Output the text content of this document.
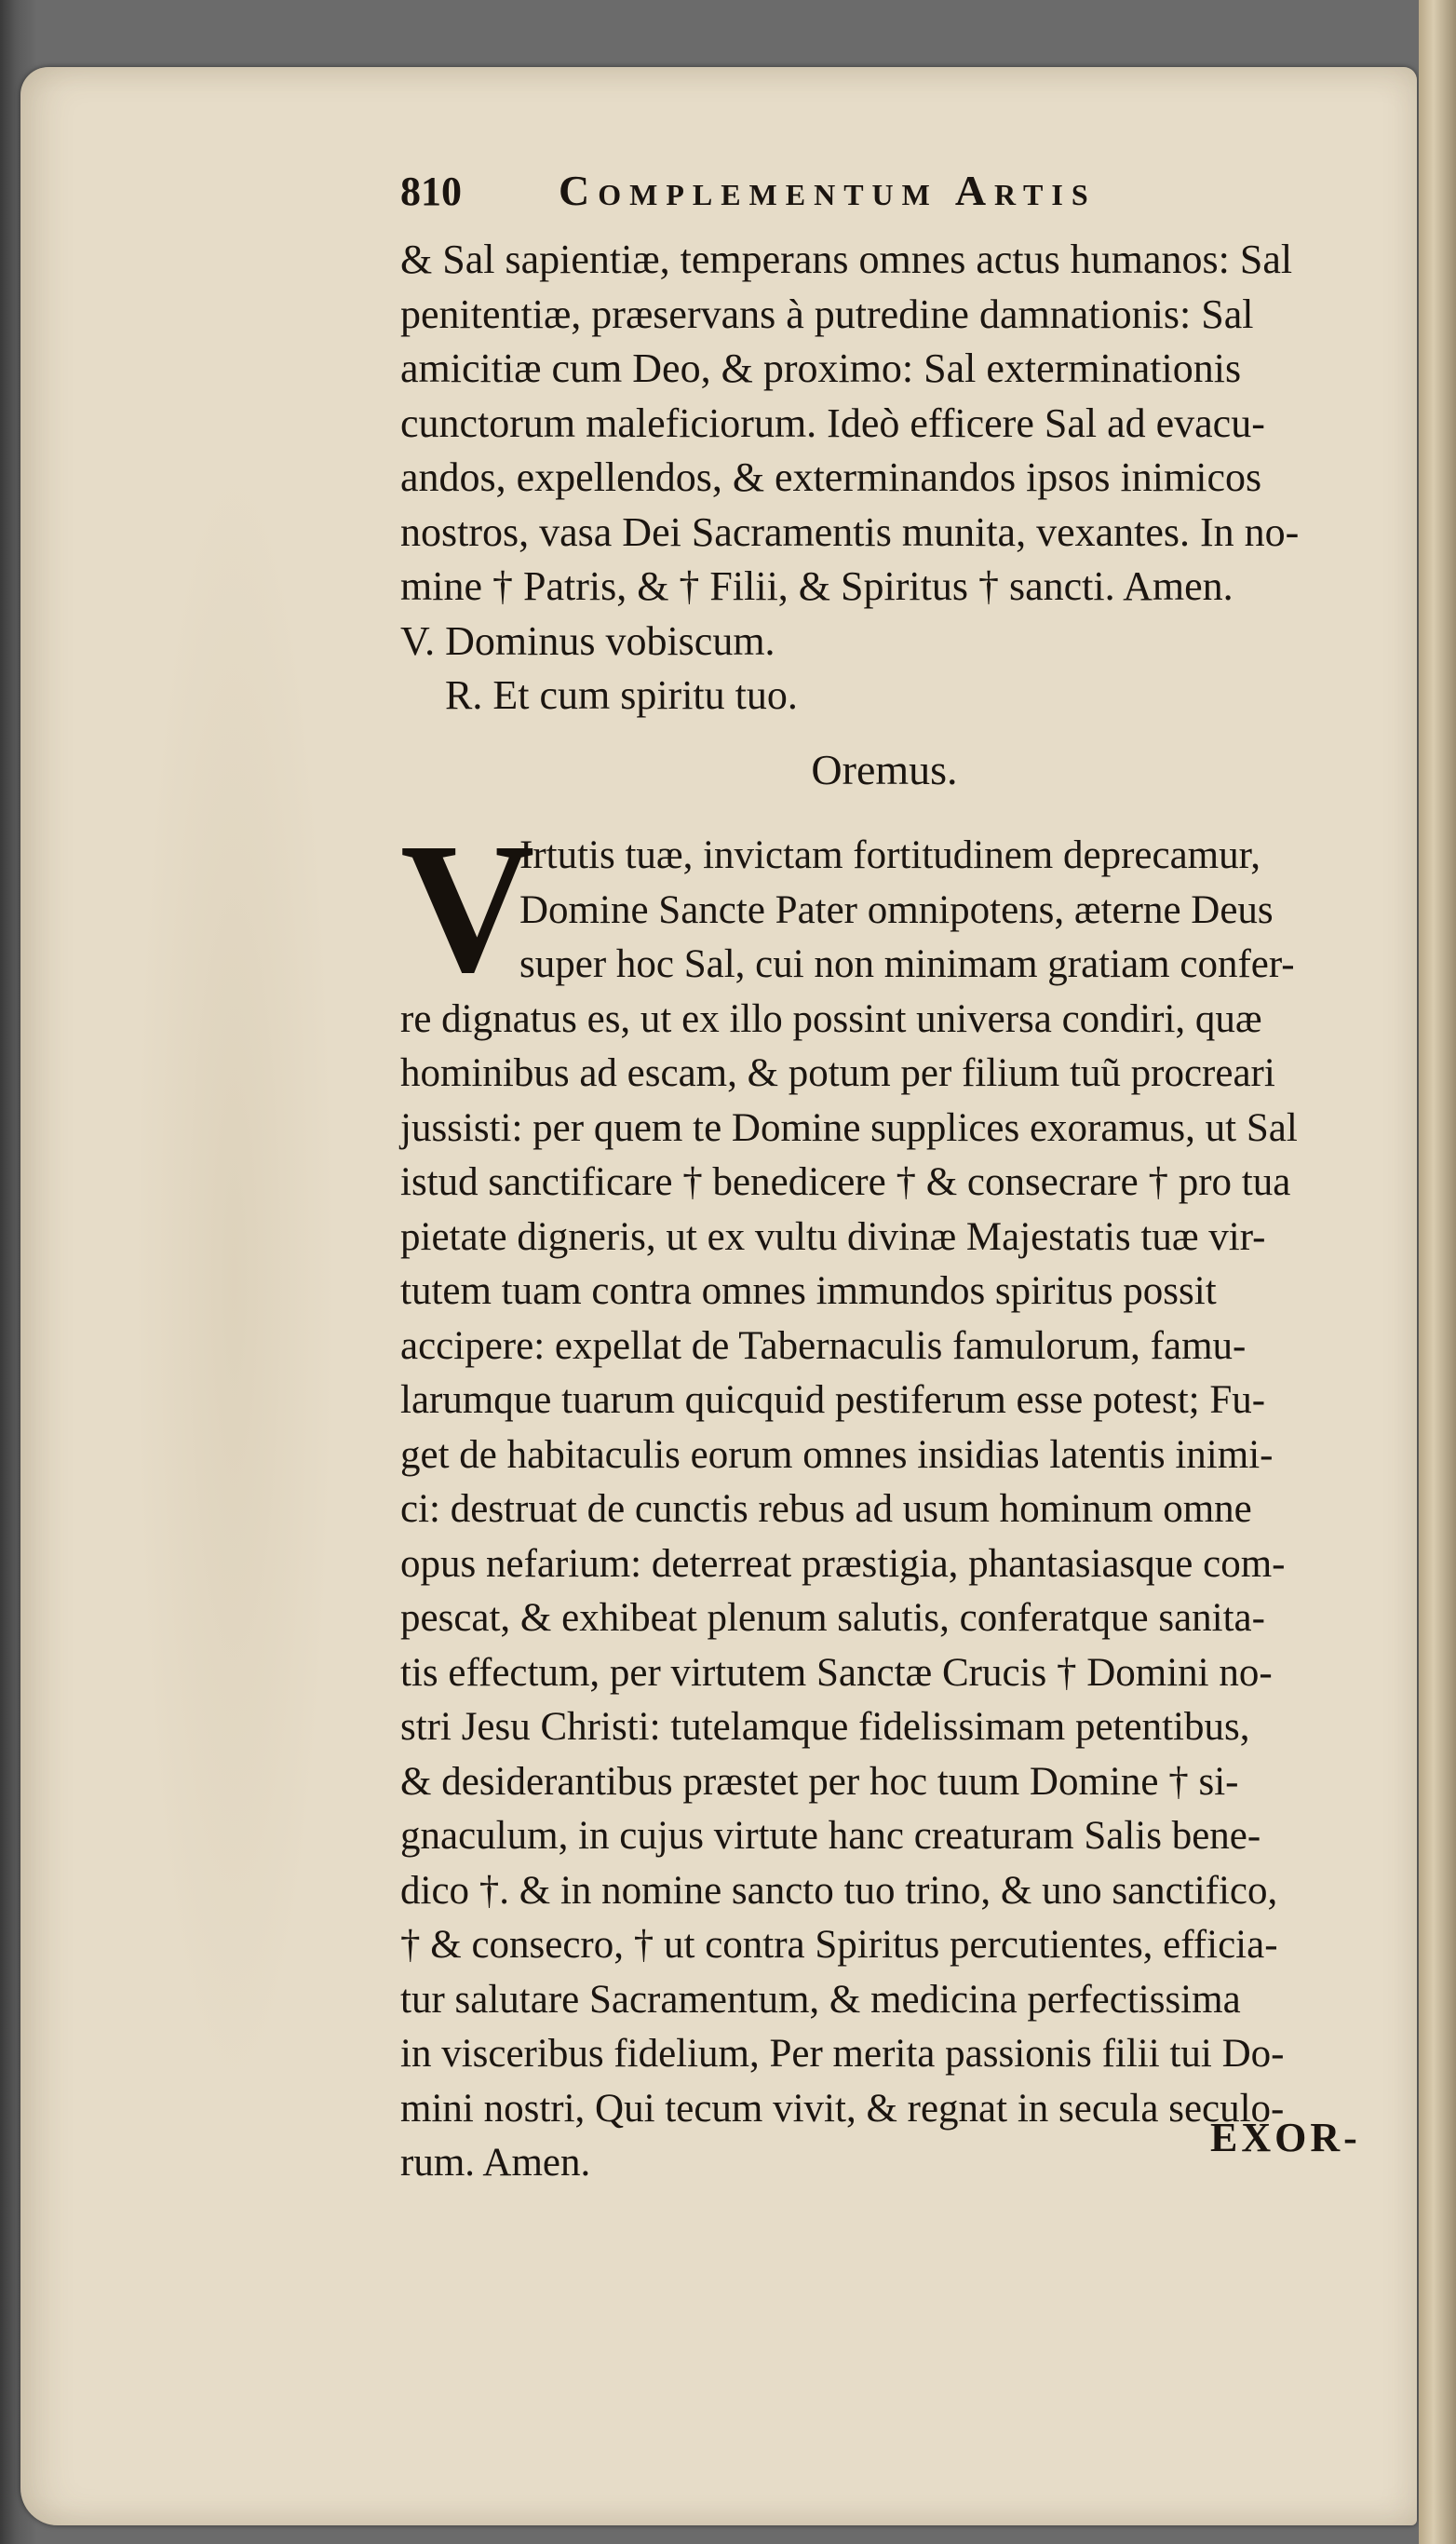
810	Complementum Artis
& Sal sapientiæ, temperans omnes actus humanos: Sal
penitentiæ, præservans à putredine damnationis: Sal
amicitiæ cum Deo, & proximo: Sal exterminationis
cunctorum maleficiorum. Ideò efficere Sal ad evacu-
andos, expellendos, & exterminandos ipsos inimicos
nostros, vasa Dei Sacramentis munita, vexantes. In no-
mine † Patris, & † Filii, & Spiritus † sancti. Amen.
V. Dominus vobiscum.
R. Et cum spiritu tuo.
Oremus.
V
Irtutis tuæ, invictam fortitudinem deprecamur,
Domine Sancte Pater omnipotens, æterne Deus
super hoc Sal, cui non minimam gratiam confer-
re dignatus es, ut ex illo possint universa condiri, quæ
hominibus ad escam, & potum per filium tuũ procreari
jussisti: per quem te Domine supplices exoramus, ut Sal
istud sanctificare † benedicere † & consecrare † pro tua
pietate digneris, ut ex vultu divinæ Majestatis tuæ vir-
tutem tuam contra omnes immundos spiritus possit
accipere: expellat de Tabernaculis famulorum, famu-
larumque tuarum quicquid pestiferum esse potest; Fu-
get de habitaculis eorum omnes insidias latentis inimi-
ci: destruat de cunctis rebus ad usum hominum omne
opus nefarium: deterreat præstigia, phantasiasque com-
pescat, & exhibeat plenum salutis, conferatque sanita-
tis effectum, per virtutem Sanctæ Crucis † Domini no-
stri Jesu Christi: tutelamque fidelissimam petentibus,
& desiderantibus præstet per hoc tuum Domine † si-
gnaculum, in cujus virtute hanc creaturam Salis bene-
dico †. & in nomine sancto tuo trino, & uno sanctifico,
† & consecro, † ut contra Spiritus percutientes, efficia-
tur salutare Sacramentum, & medicina perfectissima
in visceribus fidelium, Per merita passionis filii tui Do-
mini nostri, Qui tecum vivit, & regnat in secula seculo-
rum. Amen.
EXOR-
